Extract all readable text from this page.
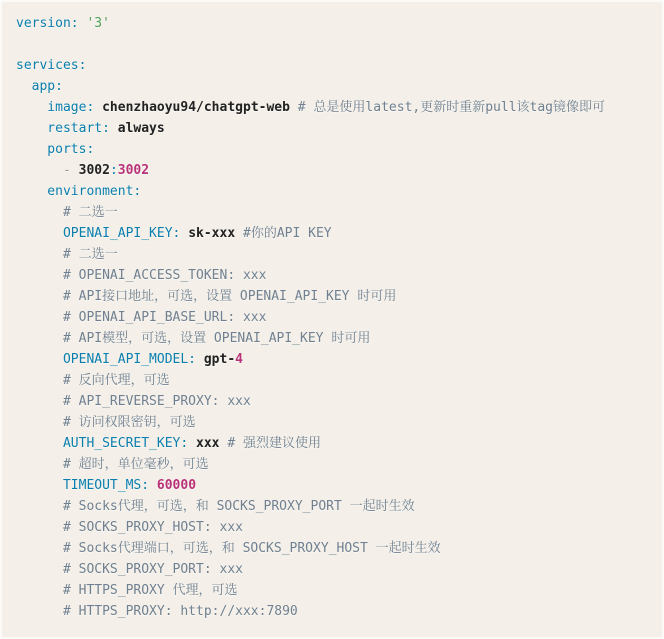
version: '3'
services:
app:
image: chenzhaoyu94/chatgpt-web # 总是使用latest,更新时重新pull该tag镜像即可
restart: always
ports:
- 3002:3002
environment:
# 二选一
OPENAI_API_KEY: sk-xxx #你的API KEY
# 二选一
# OPENAI_ACCESS_TOKEN: xxx
# API接口地址，可选，设置 OPENAI_API_KEY 时可用
# OPENAI_API_BASE_URL: xxx
# API模型，可选，设置 OPENAI_API_KEY 时可用
OPENAI_API_MODEL: gpt-4
# 反向代理，可选
# API_REVERSE_PROXY: xxx
# 访问权限密钥，可选
AUTH_SECRET_KEY: xxx # 强烈建议使用
# 超时，单位毫秒，可选
TIMEOUT_MS: 60000
# Socks代理，可选，和 SOCKS_PROXY_PORT 一起时生效
# SOCKS_PROXY_HOST: xxx
# Socks代理端口，可选，和 SOCKS_PROXY_HOST 一起时生效
# SOCKS_PROXY_PORT: xxx
# HTTPS_PROXY 代理，可选
# HTTPS_PROXY: http://xxx:7890
